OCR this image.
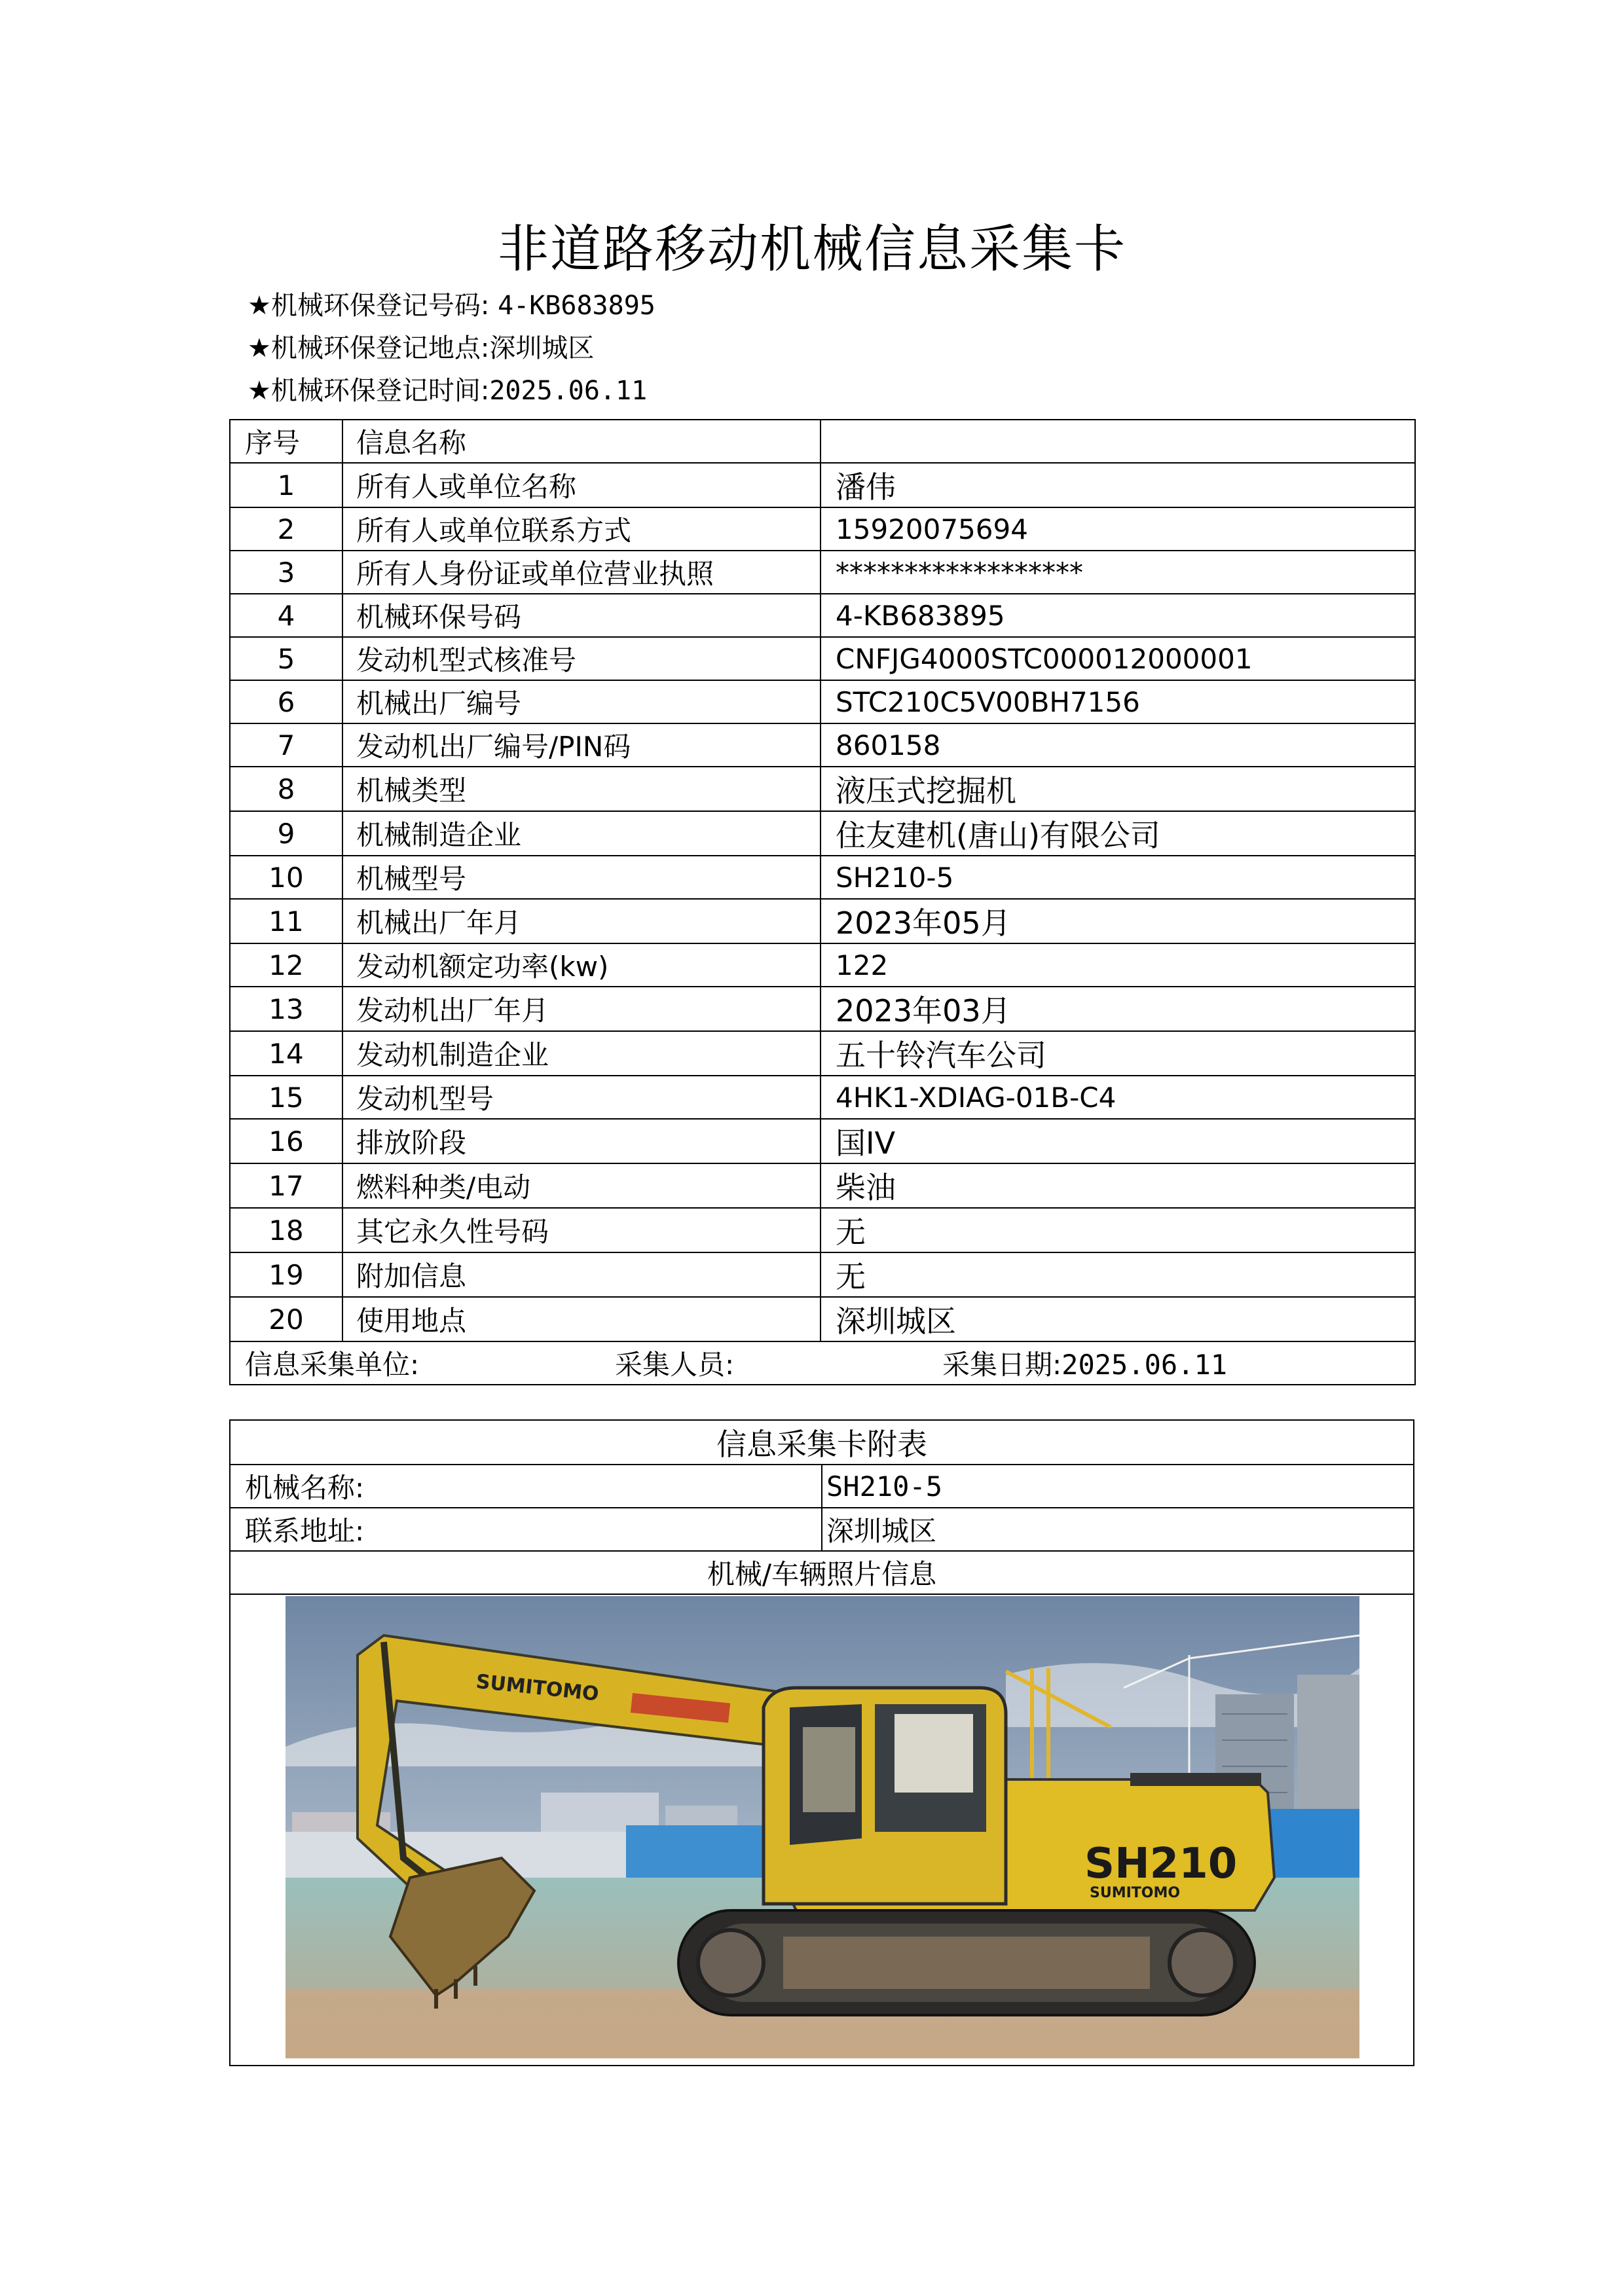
非道路移动机械信息采集卡
★机械环保登记号码: 4-KB683895
★机械环保登记地点:深圳城区
★机械环保登记时间:2025.06.11
序号	信息名称	
1	所有人或单位名称	潘伟
2	所有人或单位联系方式	15920075694
3	所有人身份证或单位营业执照	******************
4	机械环保号码	4-KB683895
5	发动机型式核准号	CNFJG4000STC000012000001
6	机械出厂编号	STC210C5V00BH7156
7	发动机出厂编号/PIN码	860158
8	机械类型	液压式挖掘机
9	机械制造企业	住友建机(唐山)有限公司
10	机械型号	SH210-5
11	机械出厂年月	2023年05月
12	发动机额定功率(kw)	122
13	发动机出厂年月	2023年03月
14	发动机制造企业	五十铃汽车公司
15	发动机型号	4HK1-XDIAG-01B-C4
16	排放阶段	国IV
17	燃料种类/电动	柴油
18	其它永久性号码	无
19	附加信息	无
20	使用地点	深圳城区

信息采集单位: 采集人员: 采集日期:2025.06.11		
信息采集卡附表	
机械名称:	SH210-5
联系地址:	深圳城区
机械/车辆照片信息	

SUMITOMO
SH210
SUMITOMO	
